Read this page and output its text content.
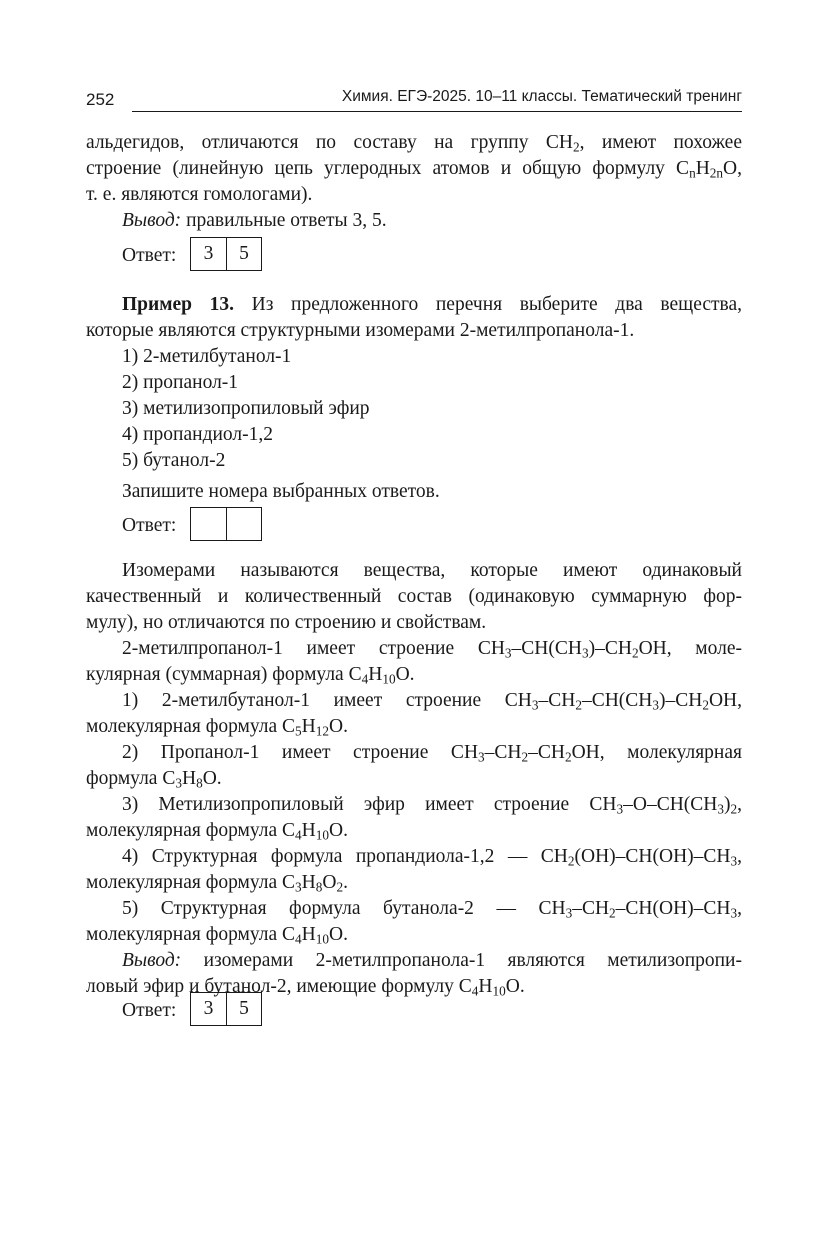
252	Химия. ЕГЭ-2025. 10–11 классы. Тематический тренинг
альдегидов, отличаются по составу на группу $CH_2$, имеют похожее
строение (линейную цепь углеродных атомов и общую формулу $C_nH_{2n}O$,
т. е. являются гомологами).
Вывод: правильные ответы 3, 5.
Ответ:	3	5
Пример 13. Из предложенного перечня выберите два вещества,
которые являются структурными изомерами 2-метилпропанола-1.
1) 2-метилбутанол-1
2) пропанол-1
3) метилизопропиловый эфир
4) пропандиол-1,2
5) бутанол-2
Запишите номера выбранных ответов.
Ответ:
Изомерами называются вещества, которые имеют одинаковый
качественный и количественный состав (одинаковую суммарную фор-
мулу), но отличаются по строению и свойствам.
2-метилпропанол-1 имеет строение $CH_3-CH(CH_3)-CH_2OH$, моле-
кулярная (суммарная) формула $C_4H_{10}O$.
1) 2-метилбутанол-1 имеет строение $CH_3-CH_2-CH(CH_3)-CH_2OH$,
молекулярная формула $C_5H_{12}O$.
2) Пропанол-1 имеет строение $CH_3-CH_2-CH_2OH$, молекулярная
формула $C_3H_8O$.
3) Метилизопропиловый эфир имеет строение $CH_3-O-CH(CH_3)_2$,
молекулярная формула $C_4H_{10}O$.
4) Структурная формула пропандиола-1,2 — $CH_2(OH)-CH(OH)-CH_3$,
молекулярная формула $C_3H_8O_2$.
5) Структурная формула бутанола-2 — $CH_3-CH_2-CH(OH)-CH_3$,
молекулярная формула $C_4H_{10}O$.
Вывод: изомерами 2-метилпропанола-1 являются метилизопропи-
ловый эфир и бутанол-2, имеющие формулу $C_4H_{10}O$.
Ответ:	3	5
